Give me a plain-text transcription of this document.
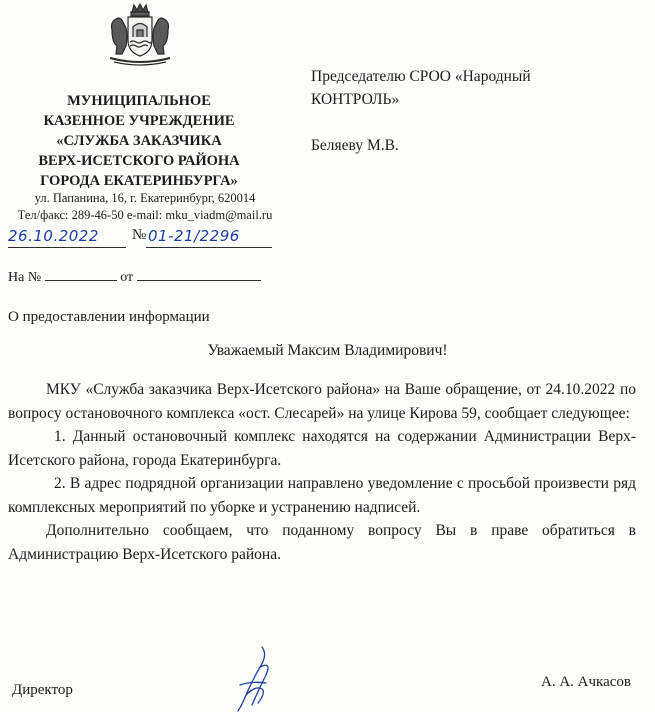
МУНИЦИПАЛЬНОЕ
КАЗЕННОЕ УЧРЕЖДЕНИЕ
«СЛУЖБА ЗАКАЗЧИКА
ВЕРХ-ИСЕТСКОГО РАЙОНА
ГОРОДА ЕКАТЕРИНБУРГА»
ул. Папанина, 16, г. Екатеринбург, 620014
Тел/факс: 289-46-50 e-mail: mku_viadm@mail.ru
26.10.2022 № 01-21/2296
На №	от
Председателю СРОО «Народный
КОНТРОЛЬ»
Беляеву М.В.
О предоставлении информации
Уважаемый Максим Владимирович!

МКУ «Служба заказчика Верх-Исетского района» на Ваше обращение, от 24.10.2022 по вопросу остановочного комплекса «ост. Слесарей» на улице Кирова 59, сообщает следующее:

1. Данный остановочный комплекс находятся на содержании Администрации Верх-Исетского района, города Екатеринбурга.

2. В адрес подрядной организации направлено уведомление с просьбой произвести ряд комплексных мероприятий по уборке и устранению надписей.

Дополнительно сообщаем, что поданному вопросу Вы в праве обратиться в Администрацию Верх-Исетского района.

Директор	А. А. Ачкасов
